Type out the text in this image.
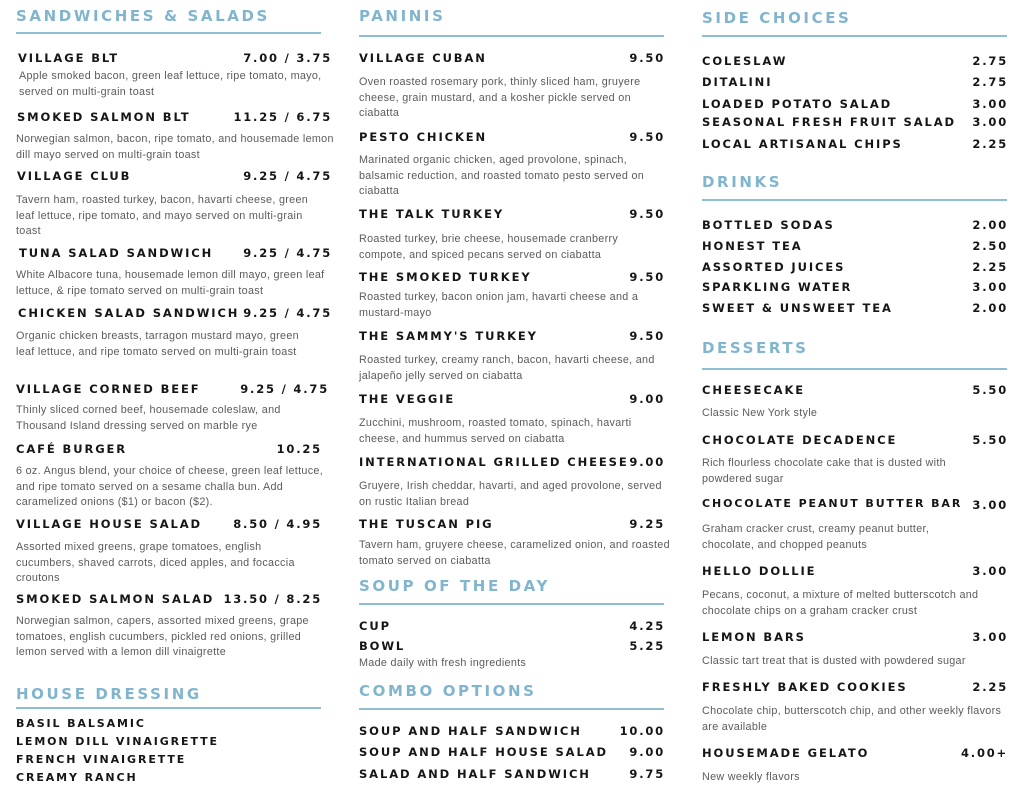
SANDWICHES & SALADS
VILLAGE BLT	7.00 / 3.75
Apple smoked bacon, green leaf lettuce, ripe tomato, mayo, served on multi-grain toast
SMOKED SALMON BLT	11.25 / 6.75
Norwegian salmon, bacon, ripe tomato, and housemade lemon dill mayo served on multi-grain toast
VILLAGE CLUB	9.25 / 4.75
Tavern ham, roasted turkey, bacon, havarti cheese, green leaf lettuce, ripe tomato, and mayo served on multi-grain toast
TUNA SALAD SANDWICH	9.25 / 4.75
White Albacore tuna, housemade lemon dill mayo, green leaf lettuce, & ripe tomato served on multi-grain toast
CHICKEN SALAD SANDWICH 9.25 / 4.75
Organic chicken breasts, tarragon mustard mayo, green leaf lettuce, and ripe tomato served on multi-grain toast
VILLAGE CORNED BEEF	9.25 / 4.75
Thinly sliced corned beef, housemade coleslaw, and Thousand Island dressing served on marble rye
CAFÉ BURGER	10.25
6 oz. Angus blend, your choice of cheese, green leaf lettuce, and ripe tomato served on a sesame challa bun. Add caramelized onions ($1) or bacon ($2).
VILLAGE HOUSE SALAD	8.50 / 4.95
Assorted mixed greens, grape tomatoes, english cucumbers, shaved carrots, diced apples, and focaccia croutons
SMOKED SALMON SALAD 13.50 / 8.25
Norwegian salmon, capers, assorted mixed greens, grape tomatoes, english cucumbers, pickled red onions, grilled lemon served with a lemon dill vinaigrette
HOUSE DRESSING
BASIL BALSAMIC
LEMON DILL VINAIGRETTE
FRENCH VINAIGRETTE
CREAMY RANCH
PANINIS
VILLAGE CUBAN	9.50
Oven roasted rosemary pork, thinly sliced ham, gruyere cheese, grain mustard, and a kosher pickle served on ciabatta
PESTO CHICKEN	9.50
Marinated organic chicken, aged provolone, spinach, balsamic reduction, and roasted tomato pesto served on ciabatta
THE TALK TURKEY	9.50
Roasted turkey, brie cheese, housemade cranberry compote, and spiced pecans served on ciabatta
THE SMOKED TURKEY	9.50
Roasted turkey, bacon onion jam, havarti cheese and a mustard-mayo
THE SAMMY'S TURKEY	9.50
Roasted turkey, creamy ranch, bacon, havarti cheese, and jalapeño jelly served on ciabatta
THE VEGGIE	9.00
Zucchini, mushroom, roasted tomato, spinach, havarti cheese, and hummus served on ciabatta
INTERNATIONAL GRILLED CHEESE 9.00
Gruyere, Irish cheddar, havarti, and aged provolone, served on rustic Italian bread
THE TUSCAN PIG	9.25
Tavern ham, gruyere cheese, caramelized onion, and roasted tomato served on ciabatta
SOUP OF THE DAY
CUP	4.25
BOWL	5.25
Made daily with fresh ingredients
COMBO OPTIONS
SOUP AND HALF SANDWICH	10.00
SOUP AND HALF HOUSE SALAD 9.00
SALAD AND HALF SANDWICH	9.75
SIDE CHOICES
COLESLAW	2.75
DITALINI	2.75
LOADED POTATO SALAD	3.00
SEASONAL FRESH FRUIT SALAD 3.00
LOCAL ARTISANAL CHIPS	2.25
DRINKS
BOTTLED SODAS	2.00
HONEST TEA	2.50
ASSORTED JUICES	2.25
SPARKLING WATER	3.00
SWEET & UNSWEET TEA	2.00
DESSERTS
CHEESECAKE	5.50
Classic New York style
CHOCOLATE DECADENCE	5.50
Rich flourless chocolate cake that is dusted with powdered sugar
CHOCOLATE PEANUT BUTTER BAR 3.00
Graham cracker crust, creamy peanut butter, chocolate, and chopped peanuts
HELLO DOLLIE	3.00
Pecans, coconut, a mixture of melted butterscotch and chocolate chips on a graham cracker crust
LEMON BARS	3.00
Classic tart treat that is dusted with powdered sugar
FRESHLY BAKED COOKIES	2.25
Chocolate chip, butterscotch chip, and other weekly flavors are available
HOUSEMADE GELATO	4.00+
New weekly flavors
